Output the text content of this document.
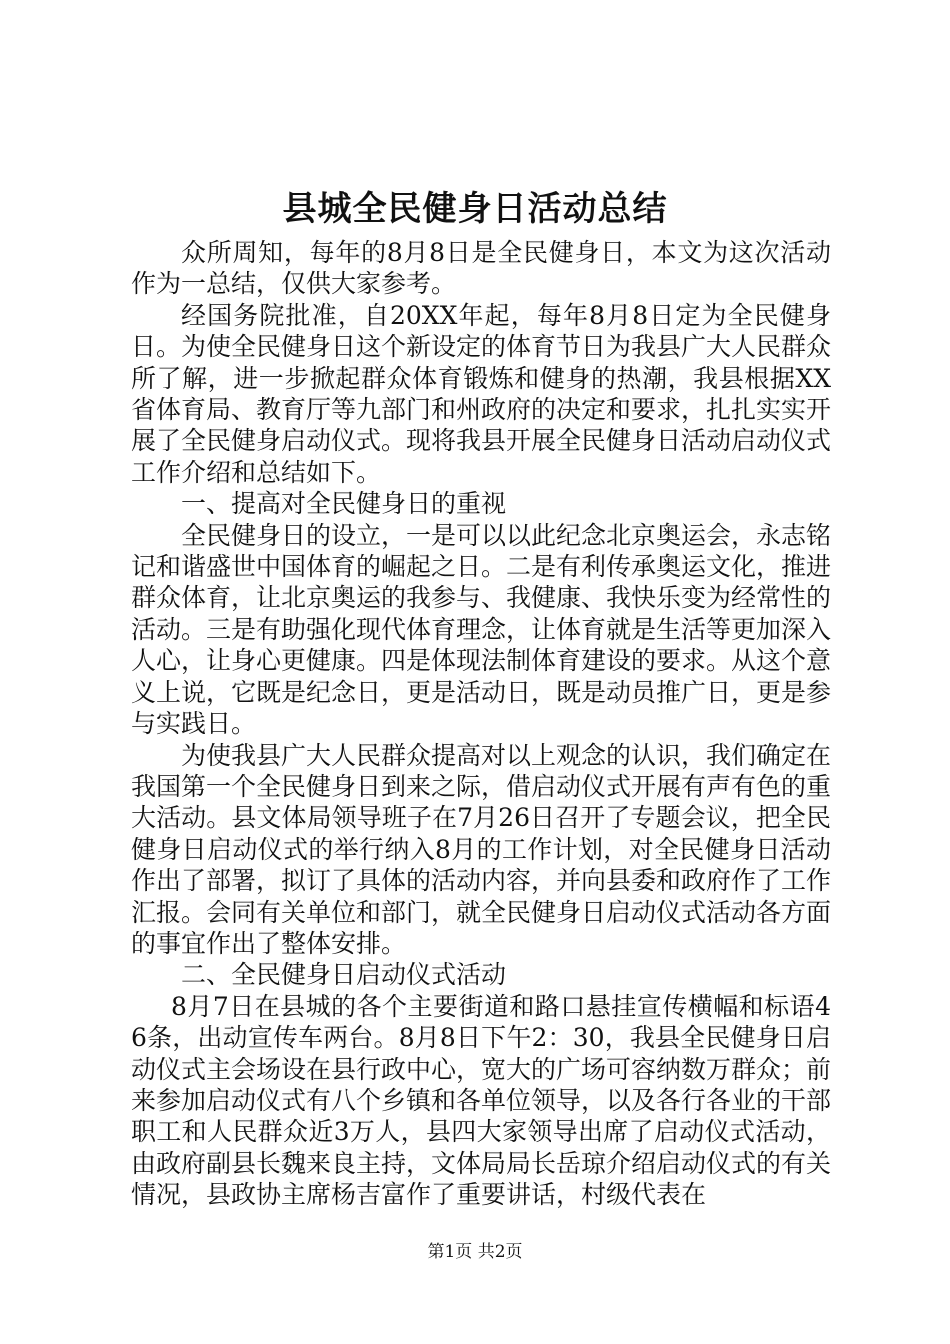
县城全民健身日活动总结

众所周知，每年的8月8日是全民健身日，本文为这次活动作为一总结，仅供大家参考。

经国务院批准，自20XX年起，每年8月8日定为全民健身日。为使全民健身日这个新设定的体育节日为我县广大人民群众所了解，进一步掀起群众体育锻炼和健身的热潮，我县根据XX省体育局、教育厅等九部门和州政府的决定和要求，扎扎实实开展了全民健身启动仪式。现将我县开展全民健身日活动启动仪式工作介绍和总结如下。

一、提高对全民健身日的重视

全民健身日的设立，一是可以以此纪念北京奥运会，永志铭记和谐盛世中国体育的崛起之日。二是有利传承奥运文化，推进群众体育，让北京奥运的我参与、我健康、我快乐变为经常性的活动。三是有助强化现代体育理念，让体育就是生活等更加深入人心，让身心更健康。四是体现法制体育建设的要求。从这个意义上说，它既是纪念日，更是活动日，既是动员推广日，更是参与实践日。

为使我县广大人民群众提高对以上观念的认识，我们确定在我国第一个全民健身日到来之际，借启动仪式开展有声有色的重大活动。县文体局领导班子在7月26日召开了专题会议，把全民健身日启动仪式的举行纳入8月的工作计划，对全民健身日活动作出了部署，拟订了具体的活动内容，并向县委和政府作了工作汇报。会同有关单位和部门，就全民健身日启动仪式活动各方面的事宜作出了整体安排。

二、全民健身日启动仪式活动

8月7日在县城的各个主要街道和路口悬挂宣传横幅和标语46条，出动宣传车两台。8月8日下午2：30，我县全民健身日启动仪式主会场设在县行政中心，宽大的广场可容纳数万群众；前来参加启动仪式有八个乡镇和各单位领导，以及各行各业的干部职工和人民群众近3万人，县四大家领导出席了启动仪式活动，由政府副县长魏来良主持，文体局局长岳琼介绍启动仪式的有关情况，县政协主席杨吉富作了重要讲话，村级代表在

第1页 共2页
